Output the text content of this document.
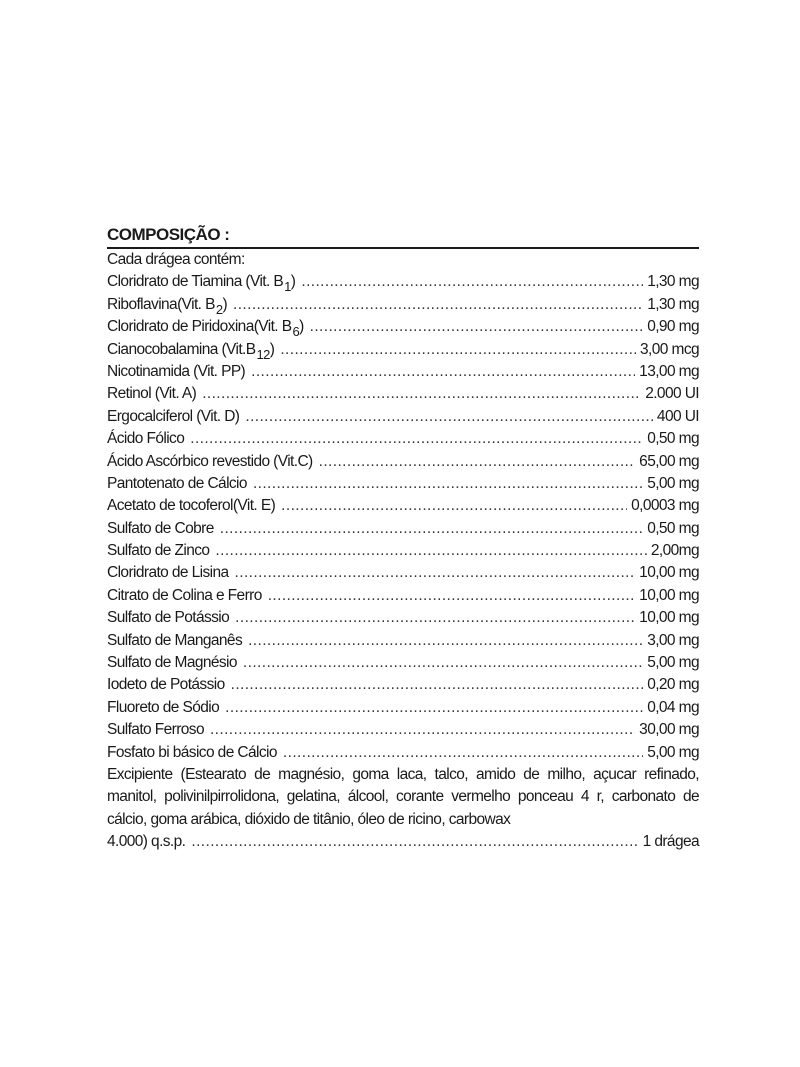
COMPOSIÇÃO :
Cada drágea contém:
Cloridrato de Tiamina (Vit. $B_1$) .....	1,30 mg
Riboflavina(Vit. $B_2$) .....	1,30 mg
Cloridrato de Piridoxina(Vit. $B_6$) .....	0,90 mg
Cianocobalamina $(Vit.B_{12})$ .....	3,00 mcg
Nicotinamida (Vit. PP) .....	13,00 mg
Retinol (Vit. A) .....	2.000 UI
Ergocalciferol (Vit. D) .....	400 UI
Ácido Fólico .....	0,50 mg
Ácido Ascórbico revestido (Vit.C) .....	65,00 mg
Pantotenato de Cálcio .....	5,00 mg
Acetato de tocoferol(Vit. E) .....	0,0003 mg
Sulfato de Cobre .....	0,50 mg
Sulfato de Zinco .....	2,00mg
Cloridrato de Lisina .....	10,00 mg
Citrato de Colina e Ferro .....	10,00 mg
Sulfato de Potássio .....	10,00 mg
Sulfato de Manganês .....	3,00 mg
Sulfato de Magnésio .....	5,00 mg
Iodeto de Potássio .....	0,20 mg
Fluoreto de Sódio .....	0,04 mg
Sulfato Ferroso .....	30,00 mg
Fosfato bi básico de Cálcio .....	5,00 mg
Excipiente (Estearato de magnésio, goma laca, talco, amido de milho, açucar refinado, manitol, polivinilpirrolidona, gelatina, álcool, corante vermelho ponceau 4 r, carbonato de cálcio, goma arábica, dióxido de titânio, óleo de ricino, carbowax
4.000) q.s.p. .....	1 drágea
